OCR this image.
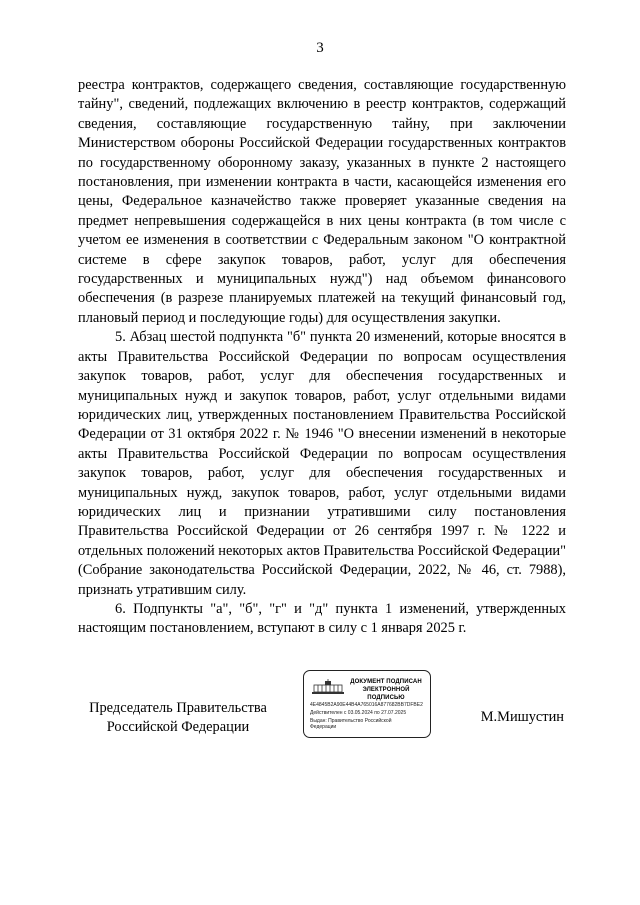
3

реестра контрактов, содержащего сведения, составляющие государственную тайну", сведений, подлежащих включению в реестр контрактов, содержащий сведения, составляющие государственную тайну, при заключении Министерством обороны Российской Федерации государственных контрактов по государственному оборонному заказу, указанных в пункте 2 настоящего постановления, при изменении контракта в части, касающейся изменения его цены, Федеральное казначейство также проверяет указанные сведения на предмет непревышения содержащейся в них цены контракта (в том числе с учетом ее изменения в соответствии с Федеральным законом "О контрактной системе в сфере закупок товаров, работ, услуг для обеспечения государственных и муниципальных нужд") над объемом финансового обеспечения (в разрезе планируемых платежей на текущий финансовый год, плановый период и последующие годы) для осуществления закупки.

5. Абзац шестой подпункта "б" пункта 20 изменений, которые вносятся в акты Правительства Российской Федерации по вопросам осуществления закупок товаров, работ, услуг для обеспечения государственных и муниципальных нужд и закупок товаров, работ, услуг отдельными видами юридических лиц, утвержденных постановлением Правительства Российской Федерации от 31 октября 2022 г. № 1946 "О внесении изменений в некоторые акты Правительства Российской Федерации по вопросам осуществления закупок товаров, работ, услуг для обеспечения государственных и муниципальных нужд, закупок товаров, работ, услуг отдельными видами юридических лиц и признании утратившими силу постановления Правительства Российской Федерации от 26 сентября 1997 г. № 1222 и отдельных положений некоторых актов Правительства Российской Федерации" (Собрание законодательства Российской Федерации, 2022, № 46, ст. 7988), признать утратившим силу.

6. Подпункты "а", "б", "г" и "д" пункта 1 изменений, утвержденных настоящим постановлением, вступают в силу с 1 января 2025 г.

Председатель Правительства
Российской Федерации
ДОКУМЕНТ ПОДПИСАН
ЭЛЕКТРОННОЙ ПОДПИСЬЮ
4E4845B2A90E44B4A765016A877682BB7DFBE2
Действителен с 03.05.2024 по 27.07.2025
Выдан: Правительство Российской
Федерации
М.Мишустин
